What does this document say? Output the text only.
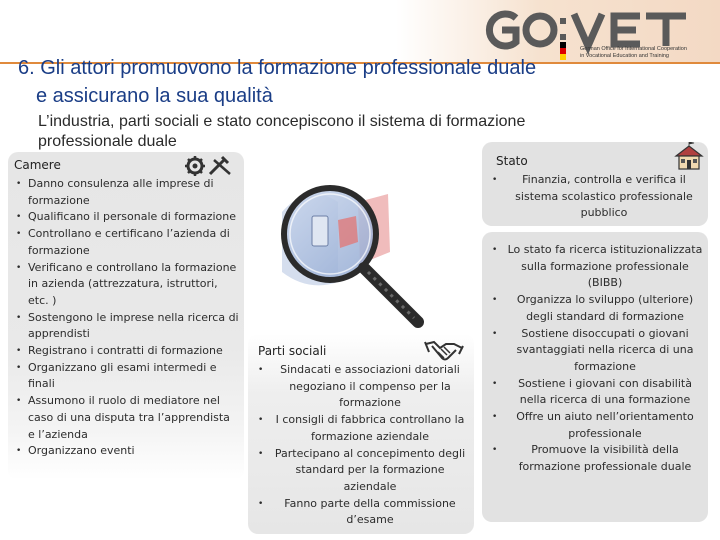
German Office for International Cooperation
in Vocational Education and Training
6. Gli attori promuovono la formazione professionale duale
e assicurano la sua qualità
L’industria, parti sociali e stato concepiscono il sistema di formazione
professionale duale
Camere
• Danno consulenza alle imprese di formazione
• Qualificano il personale di formazione
• Controllano e certificano l’azienda di formazione
• Verificano e controllano la formazione in azienda (attrezzatura, istruttori, etc. )
• Sostengono le imprese nella ricerca di apprendisti
• Registrano i contratti di formazione
• Organizzano gli esami intermedi e finali
• Assumono il ruolo di mediatore nel caso di una disputa tra l’apprendista e l’azienda
• Organizzano eventi
Stato
• Finanzia, controlla e verifica il sistema scolastico professionale pubblico
• Lo stato fa ricerca istituzionalizzata sulla formazione professionale (BIBB)
• Organizza lo sviluppo (ulteriore) degli standard di formazione
• Sostiene disoccupati o giovani svantaggiati nella ricerca di una formazione
• Sostiene i giovani con disabilità nella ricerca di una formazione
• Offre un aiuto nell’orientamento professionale
• Promuove la visibilità della formazione professionale duale
Parti sociali
• Sindacati e associazioni datoriali negoziano il compenso per la formazione
• I consigli di fabbrica controllano la formazione aziendale
• Partecipano al concepimento degli standard per la formazione aziendale
• Fanno parte della commissione d’esame
